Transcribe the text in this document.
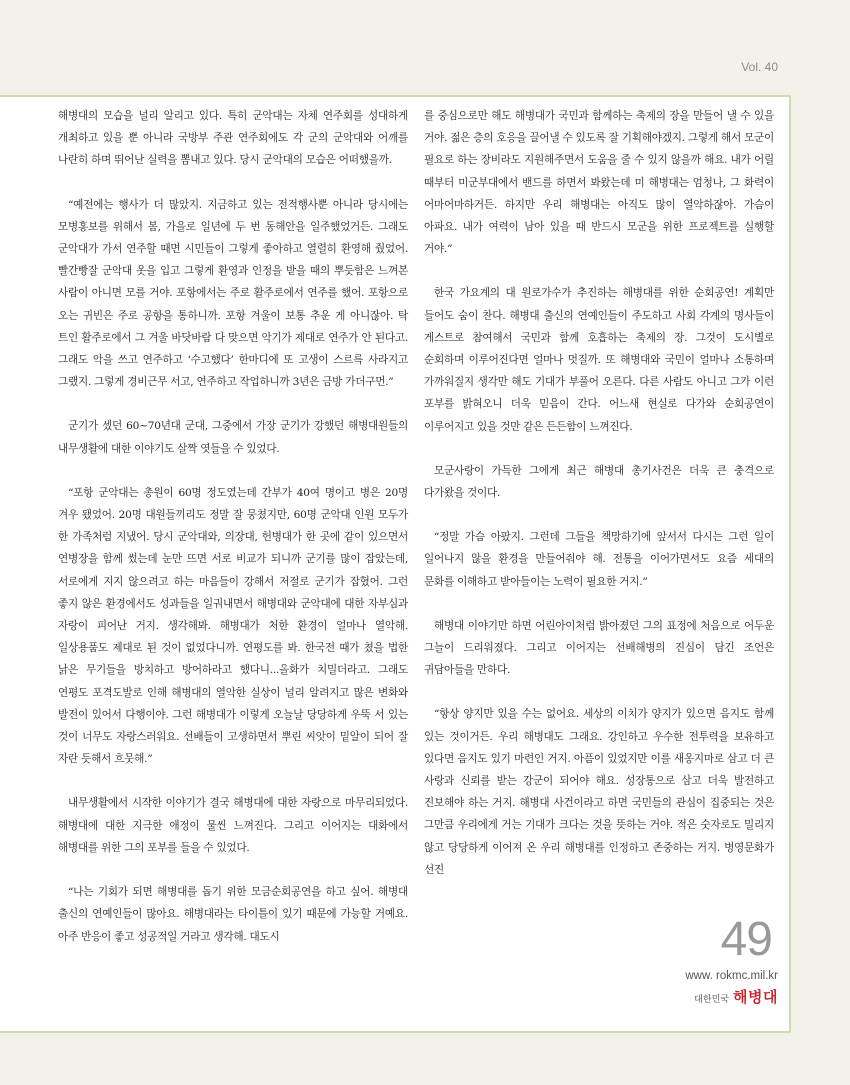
Vol. 40

해병대의 모습을 널리 알리고 있다. 특히 군악대는 자체 연주회를 성대하게 개최하고 있을 뿐 아니라 국방부 주관 연주회에도 각 군의 군악대와 어깨를 나란히 하며 뛰어난 실력을 뽐내고 있다. 당시 군악대의 모습은 어떠했을까.

“예전에는 행사가 더 많았지. 지금하고 있는 전적행사뿐 아니라 당시에는 모병홍보를 위해서 봄, 가을로 일년에 두 번 동해안을 일주했었거든. 그래도 군악대가 가서 연주할 때면 시민들이 그렇게 좋아하고 열렬히 환영해 줬었어. 빨간빵잘 군악대 옷을 입고 그렇게 환영과 인정을 받을 때의 뿌듯함은 느껴본 사람이 아니면 모를 거야. 포항에서는 주로 활주로에서 연주를 했어. 포항으로 오는 귀빈은 주로 공항을 통하니까. 포항 겨울이 보통 추운 게 아니잖아. 탁 트인 활주로에서 그 겨울 바닷바람 다 맞으면 악기가 제대로 연주가 안 된다고. 그래도 악을 쓰고 연주하고 ‘수고했다’ 한마디에 또 고생이 스르륵 사라지고 그랬지. 그렇게 경비근무 서고, 연주하고 작업하니까 3년은 금방 가더구먼.”

군기가 셌던 60~70년대 군대, 그중에서 가장 군기가 강했던 해병대원들의 내무생활에 대한 이야기도 살짝 엿들을 수 있었다.

“포항 군악대는 총원이 60명 정도였는데 간부가 40여 명이고 병은 20명 겨우 됐었어. 20명 대원들끼리도 정말 잘 뭉쳤지만, 60명 군악대 인원 모두가 한 가족처럼 지냈어. 당시 군악대와, 의장대, 헌병대가 한 곳에 같이 있으면서 연병장을 함께 썼는데 눈만 뜨면 서로 비교가 되니까 군기를 많이 잡았는데, 서로에게 지지 않으려고 하는 마음들이 강해서 저절로 군기가 잡혔어. 그런 좋지 않은 환경에서도 성과들을 일궈내면서 해병대와 군악대에 대한 자부심과 자랑이 피어난 거지. 생각해봐. 해병대가 처한 환경이 얼마나 열악해. 일상용품도 제대로 된 것이 없었다니까. 연평도를 봐. 한국전 때가 쳤을 법한 낡은 무기들을 방치하고 방어하라고 했다니...올화가 치밀더라고. 그래도 연평도 포격도발로 인해 해병대의 열악한 실상이 널리 알려지고 많은 변화와 발전이 있어서 다행이야. 그런 해병대가 이렇게 오늘날 당당하게 우뚝 서 있는 것이 너무도 자랑스러워요. 선배들이 고생하면서 뿌린 씨앗이 밑알이 되어 잘 자란 듯해서 흐뭇해.”

내무생활에서 시작한 이야기가 결국 해병대에 대한 자랑으로 마무리되었다. 해병대에 대한 지극한 애정이 물씬 느껴진다. 그리고 이어지는 대화에서 해병대를 위한 그의 포부를 들을 수 있었다.

“나는 기회가 되면 해병대를 돕기 위한 모금순회공연을 하고 싶어. 해병대 출신의 연예인들이 많아요. 해병대라는 타이틀이 있기 때문에 가능할 거예요. 아주 반응이 좋고 성공적일 거라고 생각해. 대도시

를 중심으로만 해도 해병대가 국민과 함께하는 축제의 장을 만들어 낼 수 있을 거야. 젊은 층의 호응을 끌어낼 수 있도록 잘 기획해야겠지. 그렇게 해서 모군이 필요로 하는 장비라도 지원해주면서 도움을 줄 수 있지 않을까 해요. 내가 어릴 때부터 미군부대에서 밴드를 하면서 봐왔는데 미 해병대는 엄청나, 그 화력이 어마어마하거든. 하지만 우리 해병대는 아직도 많이 열악하잖아. 가슴이 아파요. 내가 여력이 남아 있을 때 반드시 모군을 위한 프로젝트를 실행할 거야.”

한국 가요계의 대 원로가수가 추진하는 해병대를 위한 순회공연! 계획만 들어도 숨이 찬다. 해병대 출신의 연예인들이 주도하고 사회 각계의 명사들이 게스트로 참여해서 국민과 함께 호흡하는 축제의 장. 그것이 도시별로 순회하며 이루어진다면 얼마나 멋질까. 또 해병대와 국민이 얼마나 소통하며 가까워질지 생각만 해도 기대가 부풀어 오른다. 다른 사람도 아니고 그가 이런 포부를 밝혀오니 더욱 믿음이 간다. 어느새 현실로 다가와 순회공연이 이루어지고 있을 것만 같은 든든함이 느껴진다.

모군사랑이 가득한 그에게 최근 해병대 총기사건은 더욱 큰 충격으로 다가왔을 것이다.

“정말 가슴 아팠지. 그런데 그들을 책망하기에 앞서서 다시는 그런 일이 일어나지 않을 환경을 만들어줘야 해. 전통을 이어가면서도 요즘 세대의 문화를 이해하고 받아들이는 노력이 필요한 거지.”

해병대 이야기만 하면 어린아이처럼 밝아졌던 그의 표정에 처음으로 어두운 그늘이 드리워졌다. 그리고 이어지는 선배해병의 진심이 담긴 조언은 귀담아들을 만하다.

“항상 양지만 있을 수는 없어요. 세상의 이치가 양지가 있으면 음지도 함께 있는 것이거든. 우리 해병대도 그래요. 강인하고 우수한 전투력을 보유하고 있다면 음지도 있기 마련인 거지. 아픔이 있었지만 이를 새옹지마로 삼고 더 큰 사랑과 신뢰를 받는 강군이 되어야 해요. 성장통으로 삼고 더욱 발전하고 진보해야 하는 거지. 해병대 사건이라고 하면 국민들의 관심이 집중되는 것은 그만큼 우리에게 거는 기대가 크다는 것을 뜻하는 거야. 적은 숫자로도 밀리지 않고 당당하게 이어져 온 우리 해병대를 인정하고 존중하는 거지. 병영문화가 선진

49
www. rokmc.mil.kr
대한민국 해병대
